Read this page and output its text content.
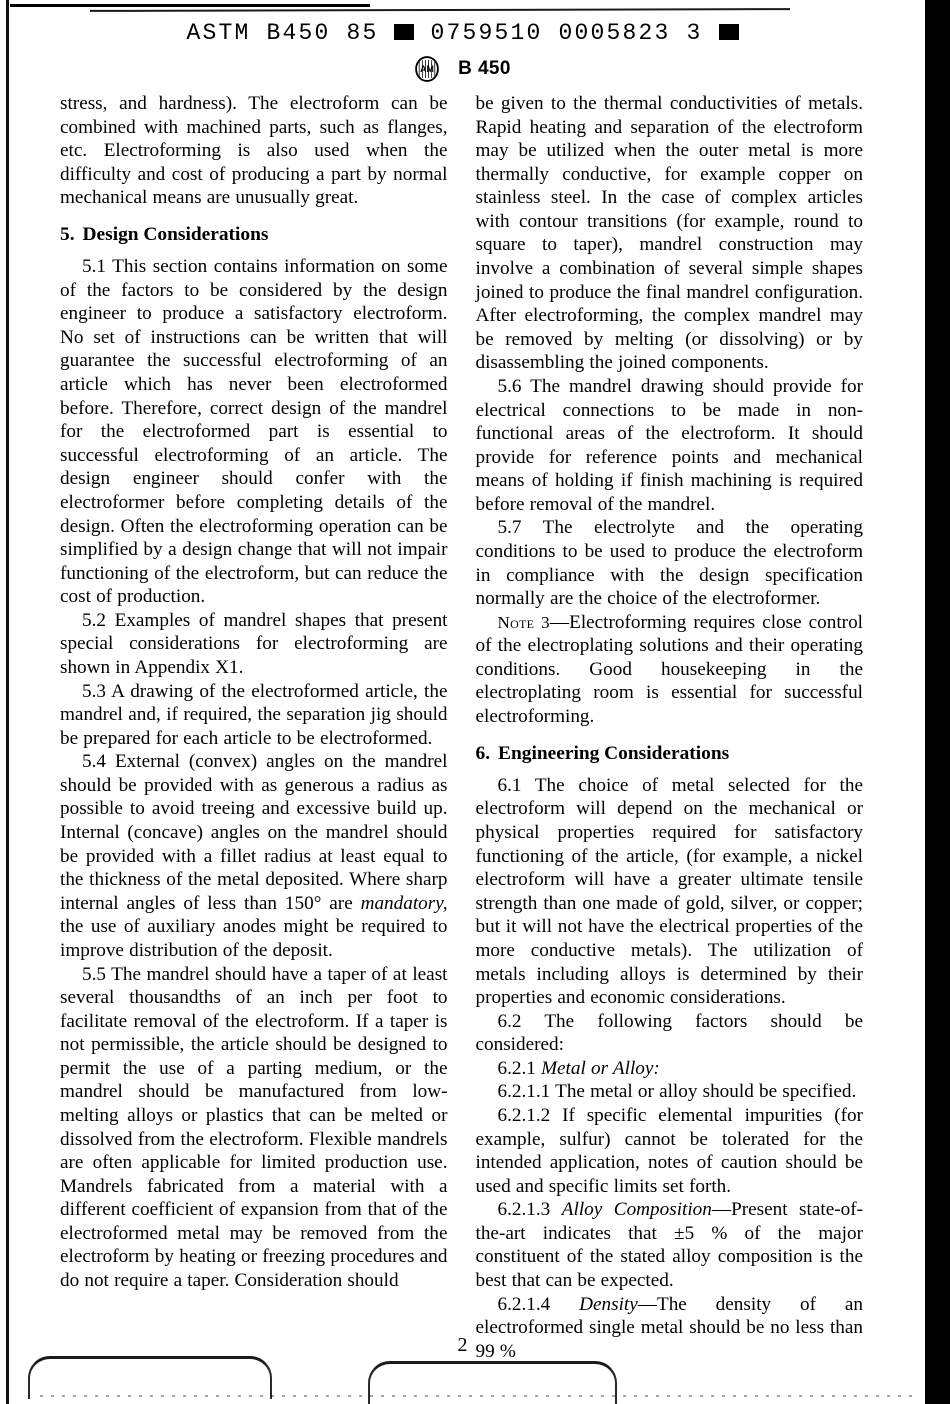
ASTM B450 85  0759510 0005823 3
AM B 450

stress, and hardness). The electroform can be combined with machined parts, such as flanges, etc. Electroforming is also used when the difficulty and cost of producing a part by normal mechanical means are unusually great.

5. Design Considerations

5.1 This section contains information on some of the factors to be considered by the design engineer to produce a satisfactory electroform. No set of instructions can be written that will guarantee the successful electroforming of an article which has never been electroformed before. Therefore, correct design of the mandrel for the electroformed part is essential to successful electroforming of an article. The design engineer should confer with the electroformer before completing details of the design. Often the electroforming operation can be simplified by a design change that will not impair functioning of the electroform, but can reduce the cost of production.

5.2 Examples of mandrel shapes that present special considerations for electroforming are shown in Appendix X1.

5.3 A drawing of the electroformed article, the mandrel and, if required, the separation jig should be prepared for each article to be electroformed.

5.4 External (convex) angles on the mandrel should be provided with as generous a radius as possible to avoid treeing and excessive build up. Internal (concave) angles on the mandrel should be provided with a fillet radius at least equal to the thickness of the metal deposited. Where sharp internal angles of less than 150° are mandatory, the use of auxiliary anodes might be required to improve distribution of the deposit.

5.5 The mandrel should have a taper of at least several thousandths of an inch per foot to facilitate removal of the electroform. If a taper is not permissible, the article should be designed to permit the use of a parting medium, or the mandrel should be manufactured from low-melting alloys or plastics that can be melted or dissolved from the electroform. Flexible mandrels are often applicable for limited production use. Mandrels fabricated from a material with a different coefficient of expansion from that of the electroformed metal may be removed from the electroform by heating or freezing procedures and do not require a taper. Consideration should

be given to the thermal conductivities of metals. Rapid heating and separation of the electroform may be utilized when the outer metal is more thermally conductive, for example copper on stainless steel. In the case of complex articles with contour transitions (for example, round to square to taper), mandrel construction may involve a combination of several simple shapes joined to produce the final mandrel configuration. After electroforming, the complex mandrel may be removed by melting (or dissolving) or by disassembling the joined components.

5.6 The mandrel drawing should provide for electrical connections to be made in non-functional areas of the electroform. It should provide for reference points and mechanical means of holding if finish machining is required before removal of the mandrel.

5.7 The electrolyte and the operating conditions to be used to produce the electroform in compliance with the design specification normally are the choice of the electroformer.

Note 3—Electroforming requires close control of the electroplating solutions and their operating conditions. Good housekeeping in the electroplating room is essential for successful electroforming.

6. Engineering Considerations

6.1 The choice of metal selected for the electroform will depend on the mechanical or physical properties required for satisfactory functioning of the article, (for example, a nickel electroform will have a greater ultimate tensile strength than one made of gold, silver, or copper; but it will not have the electrical properties of the more conductive metals). The utilization of metals including alloys is determined by their properties and economic considerations.

6.2 The following factors should be considered:

6.2.1 Metal or Alloy:

6.2.1.1 The metal or alloy should be specified.

6.2.1.2 If specific elemental impurities (for example, sulfur) cannot be tolerated for the intended application, notes of caution should be used and specific limits set forth.

6.2.1.3 Alloy Composition—Present state-of-the-art indicates that ±5 % of the major constituent of the stated alloy composition is the best that can be expected.

6.2.1.4 Density—The density of an electroformed single metal should be no less than 99 %

2
